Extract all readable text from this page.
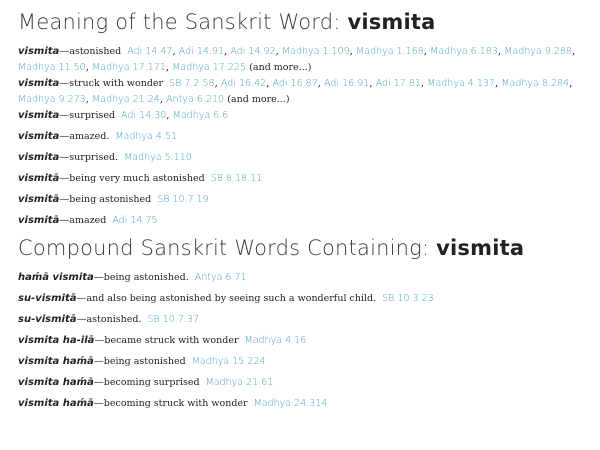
Meaning of the Sanskrit Word: vismita
vismita—astonished Adi 14.47, Adi 14.91, Adi 14.92, Madhya 1.109, Madhya 1.168, Madhya 6.183, Madhya 9.288, Madhya 11.50, Madhya 17.171, Madhya 17.225 (and more...)
vismita—struck with wonder SB 7.2.58, Adi 16.42, Adi 16.87, Adi 16.91, Adi 17.81, Madhya 4.137, Madhya 8.284, Madhya 9.273, Madhya 21.24, Antya 6.210 (and more...)
vismita—surprised Adi 14.30, Madhya 6.6
vismita—amazed. Madhya 4.51
vismita—surprised. Madhya 5.110
vismitā—being very much astonished SB 8.18.11
vismitā—being astonished SB 10.7.19
vismitā—amazed Adi 14.75
Compound Sanskrit Words Containing: vismita
haḿā vismita—being astonished. Antya 6.71
su-vismitā—and also being astonished by seeing such a wonderful child. SB 10.3.23
su-vismitā—astonished. SB 10.7.37
vismita ha-ilā—became struck with wonder Madhya 4.16
vismita haḿā—being astonished Madhya 15.224
vismita haḿā—becoming surprised Madhya 21.61
vismita haḿā—becoming struck with wonder Madhya 24.314
